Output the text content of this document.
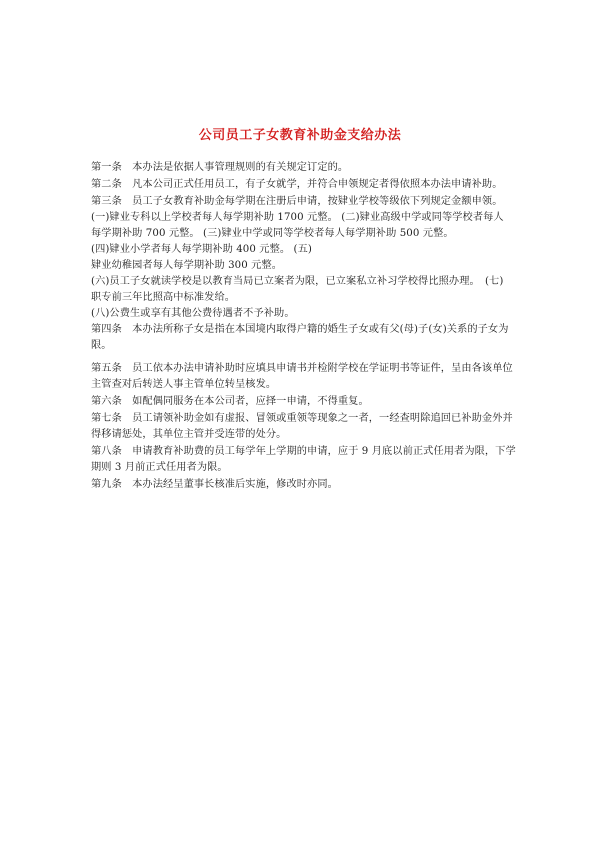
公司员工子女教育补助金支给办法
第一条　本办法是依据人事管理规则的有关规定订定的。
第二条　凡本公司正式任用员工，有子女就学，并符合申领规定者得依照本办法申请补助。
第三条　员工子女教育补助金每学期在注册后申请，按肄业学校等级依下列规定金额申领。
(一)肄业专科以上学校者每人每学期补助 1700 元整。 (二)肄业高级中学或同等学校者每人
每学期补助 700 元整。 (三)肄业中学或同等学校者每人每学期补助 500 元整。
(四)肄业小学者每人每学期补助 400 元整。 (五)
肄业幼稚园者每人每学期补助 300 元整。
(六)员工子女就读学校是以教育当局已立案者为限，已立案私立补习学校得比照办理。　(七)
职专前三年比照高中标准发给。
(八)公费生或享有其他公费待遇者不予补助。
第四条　本办法所称子女是指在本国境内取得户籍的婚生子女或有父(母)子(女)关系的子女为
限。
第五条　员工依本办法申请补助时应填具申请书并检附学校在学证明书等证件，呈由各该单位
主管查对后转送人事主管单位转呈核发。
第六条　如配偶同服务在本公司者，应择一申请，不得重复。
第七条　员工请领补助金如有虚报、冒领或重领等现象之一者，一经查明除追回已补助金外并
得移请惩处，其单位主管并受连带的处分。
第八条　申请教育补助费的员工每学年上学期的申请，应于 9 月底以前正式任用者为限，下学
期则 3 月前正式任用者为限。
第九条　本办法经呈董事长核准后实施，修改时亦同。
